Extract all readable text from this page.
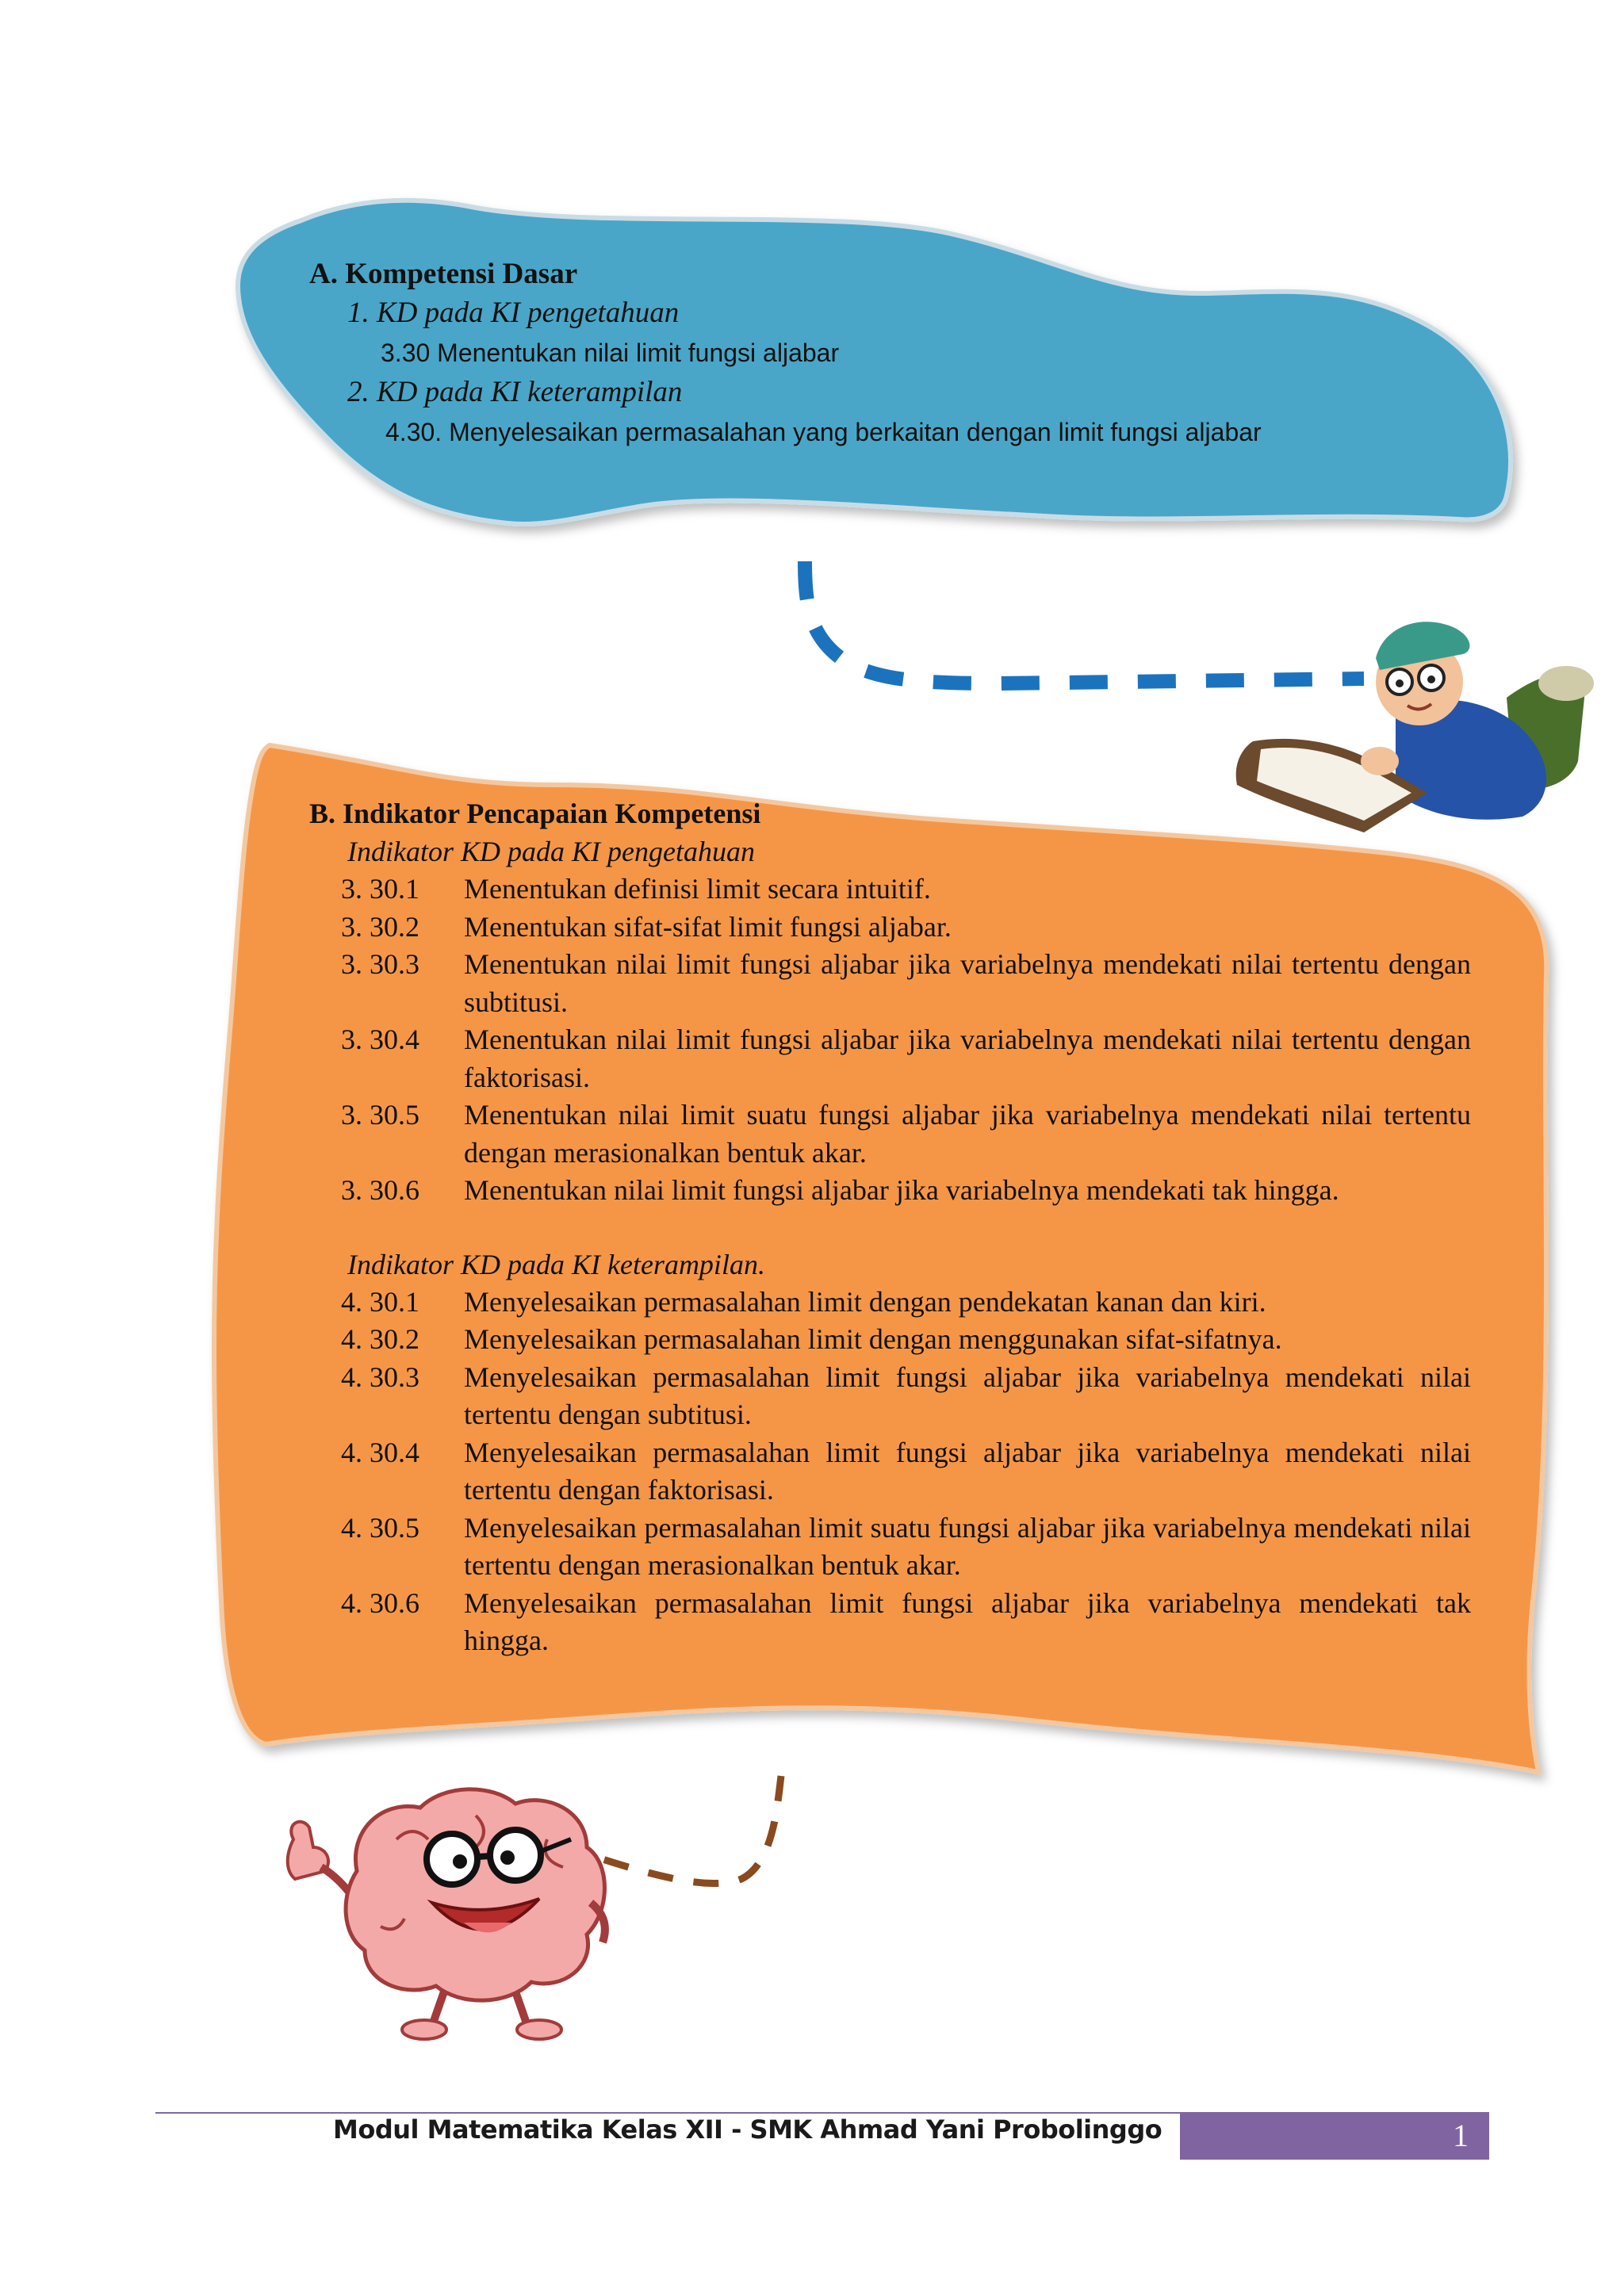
A. Kompetensi Dasar
1. KD pada KI pengetahuan
3.30 Menentukan nilai limit fungsi aljabar
2. KD pada KI keterampilan
4.30. Menyelesaikan permasalahan yang berkaitan dengan limit fungsi aljabar
B. Indikator Pencapaian Kompetensi
Indikator KD pada KI pengetahuan
3. 30.1	Menentukan definisi limit secara intuitif.
3. 30.2	Menentukan sifat-sifat limit fungsi aljabar.
3. 30.3	Menentukan nilai limit fungsi aljabar jika variabelnya mendekati nilai tertentu dengan subtitusi.
3. 30.4	Menentukan nilai limit fungsi aljabar jika variabelnya mendekati nilai tertentu dengan faktorisasi.
3. 30.5	Menentukan nilai limit suatu fungsi aljabar jika variabelnya mendekati nilai tertentu dengan merasionalkan bentuk akar.
3. 30.6	Menentukan nilai limit fungsi aljabar jika variabelnya mendekati tak hingga.
Indikator KD pada KI keterampilan.
4. 30.1	Menyelesaikan permasalahan limit dengan pendekatan kanan dan kiri.
4. 30.2	Menyelesaikan permasalahan limit dengan menggunakan sifat-sifatnya.
4. 30.3	Menyelesaikan permasalahan limit fungsi aljabar jika variabelnya mendekati nilai tertentu dengan subtitusi.
4. 30.4	Menyelesaikan permasalahan limit fungsi aljabar jika variabelnya mendekati nilai tertentu dengan faktorisasi.
4. 30.5	Menyelesaikan permasalahan limit suatu fungsi aljabar jika variabelnya mendekati nilai tertentu dengan merasionalkan bentuk akar.
4. 30.6	Menyelesaikan permasalahan limit fungsi aljabar jika variabelnya mendekati tak hingga.
Modul Matematika Kelas XII - SMK Ahmad Yani Probolinggo	1
